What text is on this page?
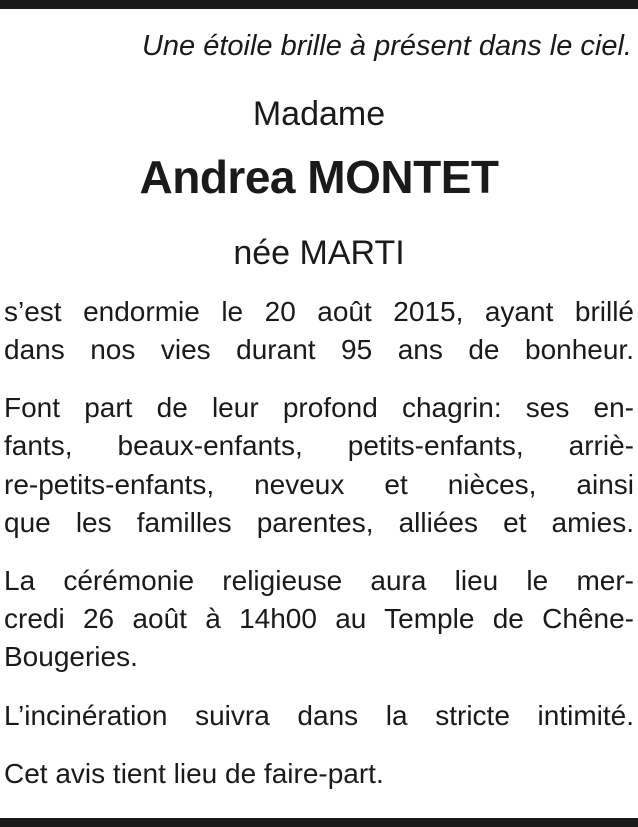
Une étoile brille à présent dans le ciel.
Madame
Andrea MONTET
née MARTI
s’est endormie le 20 août 2015, ayant brillé
dans nos vies durant 95 ans de bonheur.
Font part de leur profond chagrin: ses en-
fants, beaux-enfants, petits-enfants, arriè-
re-petits-enfants, neveux et nièces, ainsi
que les familles parentes, alliées et amies.
La cérémonie religieuse aura lieu le mer-
credi 26 août à 14h00 au Temple de Chêne-
Bougeries.
L’incinération suivra dans la stricte intimité.
Cet avis tient lieu de faire-part.
